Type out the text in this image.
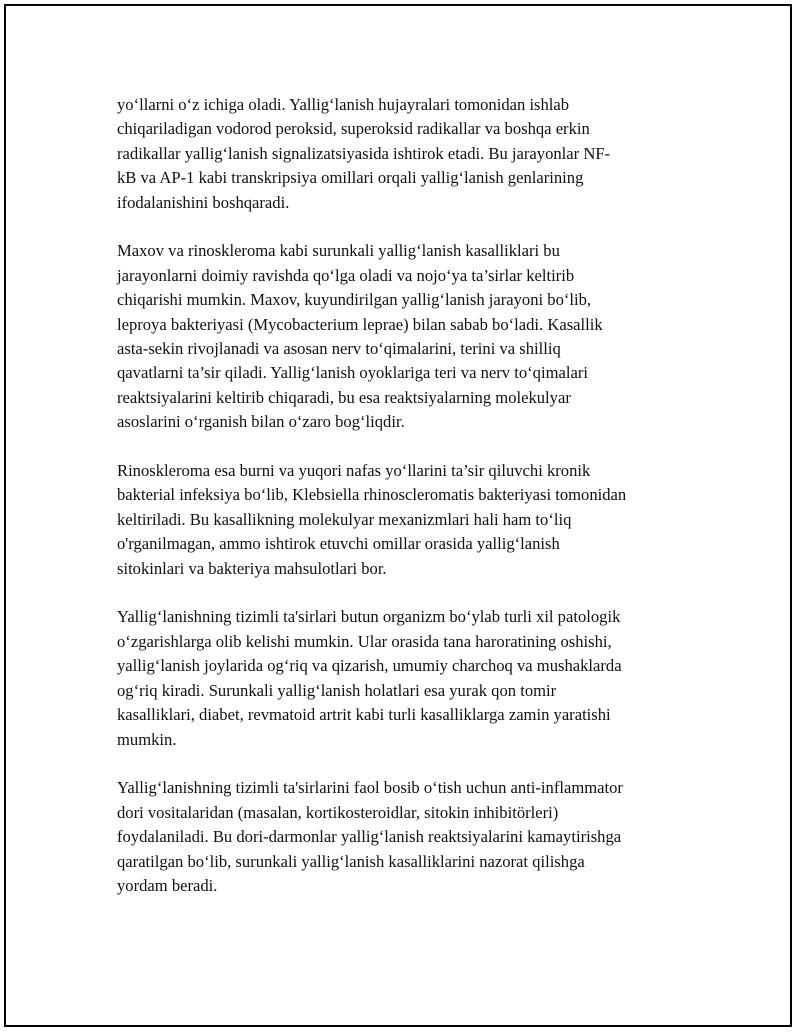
yo‘llarni o‘z ichiga oladi. Yallig‘lanish hujayralari tomonidan ishlab
chiqariladigan vodorod peroksid, superoksid radikallar va boshqa erkin
radikallar yallig‘lanish signalizatsiyasida ishtirok etadi. Bu jarayonlar NF-
kB va AP-1 kabi transkripsiya omillari orqali yallig‘lanish genlarining
ifodalanishini boshqaradi.

Maxov va rinoskleroma kabi surunkali yallig‘lanish kasalliklari bu
jarayonlarni doimiy ravishda qo‘lga oladi va nojo‘ya ta’sirlar keltirib
chiqarishi mumkin. Maxov, kuyundirilgan yallig‘lanish jarayoni bo‘lib,
leproya bakteriyasi (Mycobacterium leprae) bilan sabab bo‘ladi. Kasallik
asta-sekin rivojlanadi va asosan nerv to‘qimalarini, terini va shilliq
qavatlarni ta’sir qiladi. Yallig‘lanish oyoklariga teri va nerv to‘qimalari
reaktsiyalarini keltirib chiqaradi, bu esa reaktsiyalarning molekulyar
asoslarini o‘rganish bilan o‘zaro bog‘liqdir.

Rinoskleroma esa burni va yuqori nafas yo‘llarini ta’sir qiluvchi kronik
bakterial infeksiya bo‘lib, Klebsiella rhinoscleromatis bakteriyasi tomonidan
keltiriladi. Bu kasallikning molekulyar mexanizmlari hali ham to‘liq
o'rganilmagan, ammo ishtirok etuvchi omillar orasida yallig‘lanish
sitokinlari va bakteriya mahsulotlari bor.

Yallig‘lanishning tizimli ta'sirlari butun organizm bo‘ylab turli xil patologik
o‘zgarishlarga olib kelishi mumkin. Ular orasida tana haroratining oshishi,
yallig‘lanish joylarida og‘riq va qizarish, umumiy charchoq va mushaklarda
og‘riq kiradi. Surunkali yallig‘lanish holatlari esa yurak qon tomir
kasalliklari, diabet, revmatoid artrit kabi turli kasalliklarga zamin yaratishi
mumkin.

Yallig‘lanishning tizimli ta'sirlarini faol bosib o‘tish uchun anti-inflammator
dori vositalaridan (masalan, kortikosteroidlar, sitokin inhibitörleri)
foydalaniladi. Bu dori-darmonlar yallig‘lanish reaktsiyalarini kamaytirishga
qaratilgan bo‘lib, surunkali yallig‘lanish kasalliklarini nazorat qilishga
yordam beradi.
